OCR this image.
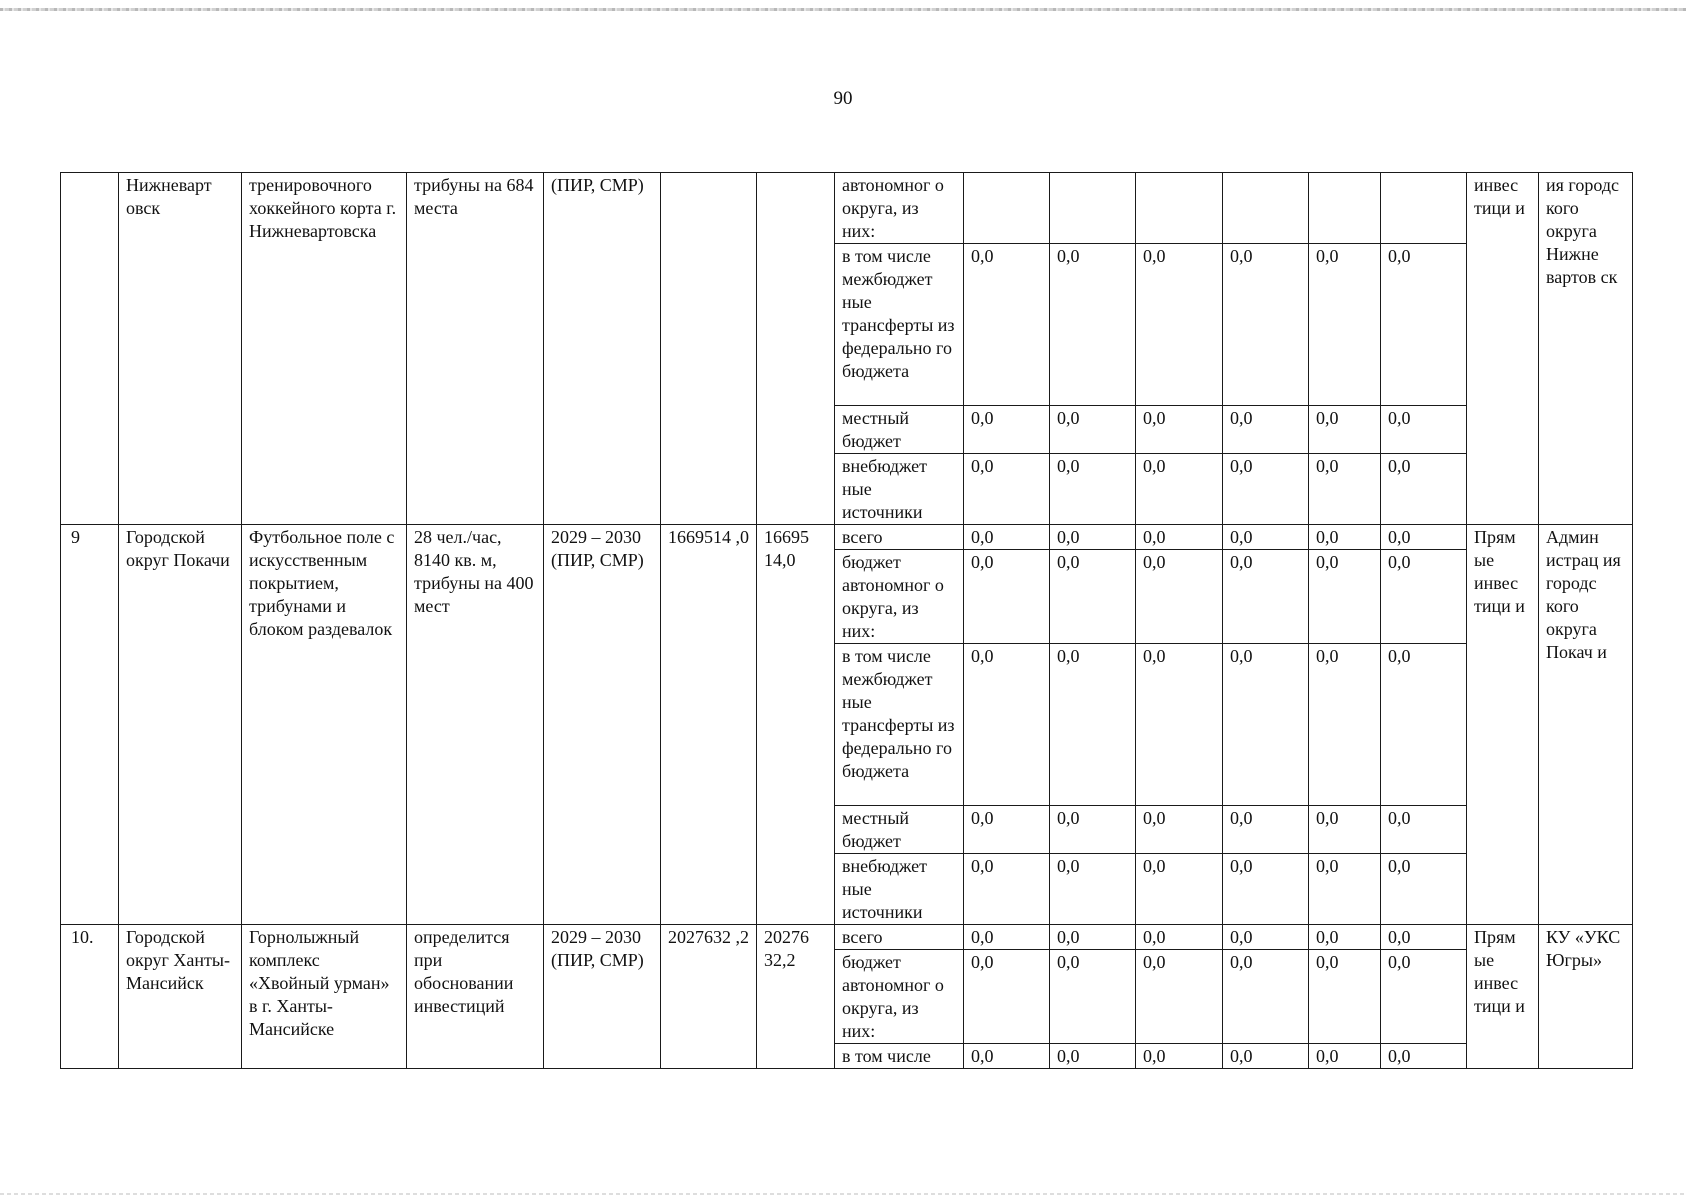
90
	Нижневарт овск	тренировочного хоккейного корта г. Нижневартовска	трибуны на 684 места	(ПИР, СМР)			автономног о округа, из них:							инвес тици и	ия городс кого округа Нижне вартов ск
							в том числе межбюджет ные трансферты из федерально го бюджета	0,0	0,0	0,0	0,0	0,0	0,0		
							местный бюджет	0,0	0,0	0,0	0,0	0,0	0,0		
							внебюджет ные источники	0,0	0,0	0,0	0,0	0,0	0,0		
9	Городской округ Покачи	Футбольное поле с искусственным покрытием, трибунами и блоком раздевалок	28 чел./час, 8140 кв. м, трибуны на 400 мест	2029 – 2030 (ПИР, СМР)	1669514 ,0	16695 14,0	всего	0,0	0,0	0,0	0,0	0,0	0,0	Прям ые инвес тици и	Админ истрац ия городс кого округа Покач и
							бюджет автономног о округа, из них:	0,0	0,0	0,0	0,0	0,0	0,0		
							в том числе межбюджет ные трансферты из федерально го бюджета	0,0	0,0	0,0	0,0	0,0	0,0		
							местный бюджет	0,0	0,0	0,0	0,0	0,0	0,0		
							внебюджет ные источники	0,0	0,0	0,0	0,0	0,0	0,0		
10.	Городской округ Ханты-Мансийск	Горнолыжный комплекс «Хвойный урман» в г. Ханты-Мансийске	определится при обосновании инвестиций	2029 – 2030 (ПИР, СМР)	2027632 ,2	20276 32,2	всего	0,0	0,0	0,0	0,0	0,0	0,0	Прям ые инвес тици и	КУ «УКС Югры»
							бюджет автономног о округа, из них:	0,0	0,0	0,0	0,0	0,0	0,0		
							в том числе	0,0	0,0	0,0	0,0	0,0	0,0		
